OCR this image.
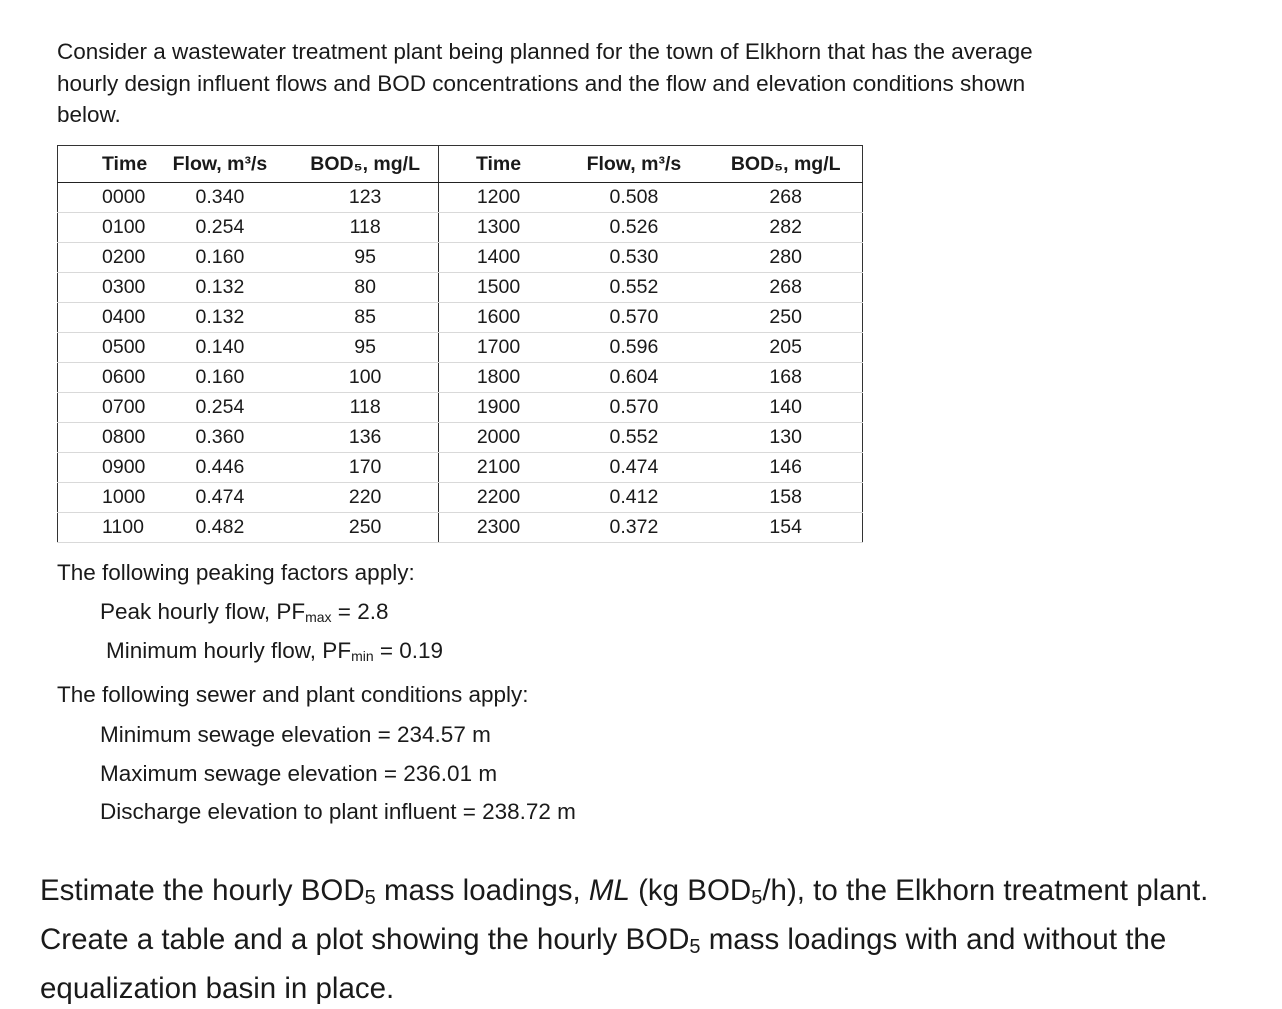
Consider a wastewater treatment plant being planned for the town of Elkhorn that has the average hourly design influent flows and BOD concentrations and the flow and elevation conditions shown below.
Time	Flow, m³/s	BOD₅, mg/L	Time	Flow, m³/s	BOD₅, mg/L
0000	0.340	123	1200	0.508	268
0100	0.254	118	1300	0.526	282
0200	0.160	95	1400	0.530	280
0300	0.132	80	1500	0.552	268
0400	0.132	85	1600	0.570	250
0500	0.140	95	1700	0.596	205
0600	0.160	100	1800	0.604	168
0700	0.254	118	1900	0.570	140
0800	0.360	136	2000	0.552	130
0900	0.446	170	2100	0.474	146
1000	0.474	220	2200	0.412	158
1100	0.482	250	2300	0.372	154
The following peaking factors apply:
Peak hourly flow, $PF_{max} = 2.8$
Minimum hourly flow, $PF_{min} = 0.19$
The following sewer and plant conditions apply:
Minimum sewage elevation = 234.57 m
Maximum sewage elevation = 236.01 m
Discharge elevation to plant influent = 238.72 m
Estimate the hourly $BOD_5$ mass loadings, ML (kg $BOD_5/h$), to the Elkhorn treatment plant. Create a table and a plot showing the hourly $BOD_5$ mass loadings with and without the equalization basin in place.
